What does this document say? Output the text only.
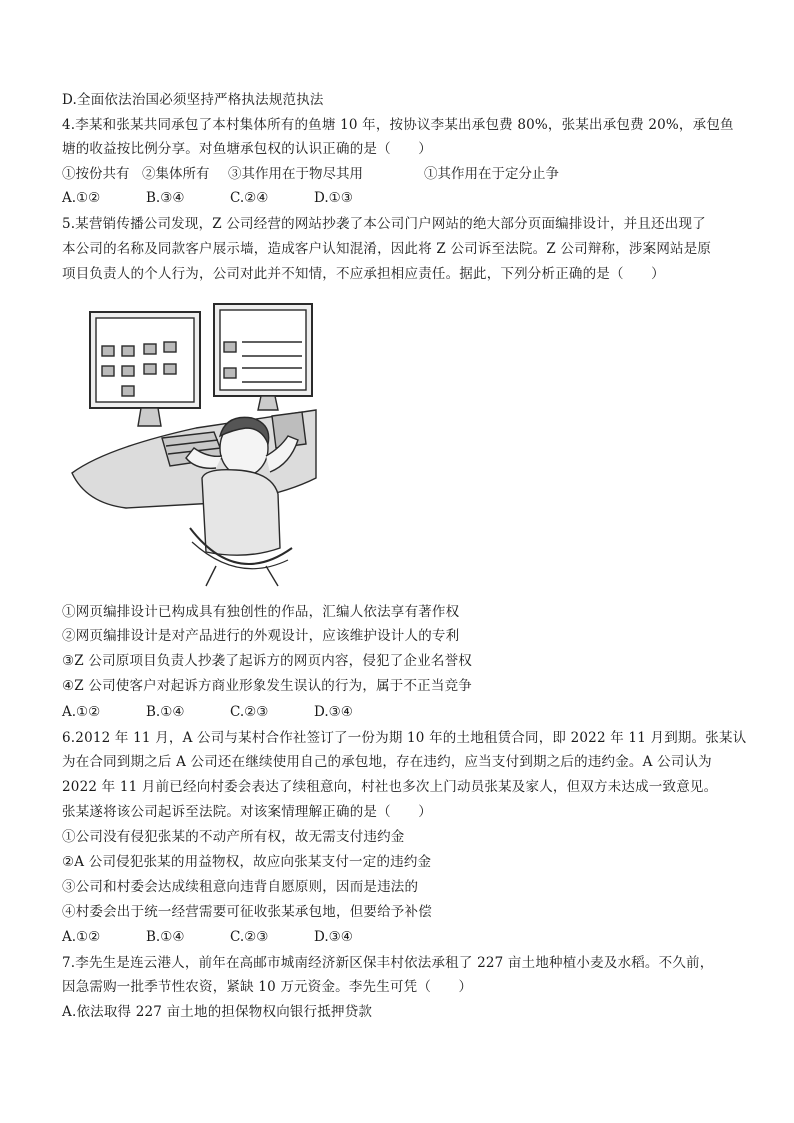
D.全面依法治国必须坚持严格执法规范执法
4.李某和张某共同承包了本村集体所有的鱼塘 10 年，按协议李某出承包费 80%，张某出承包费 20%，承包鱼
塘的收益按比例分享。对鱼塘承包权的认识正确的是（　　）
①按份共有 ②集体所有 ③其作用在于物尽其用	①其作用在于定分止争
A.①②	B.③④	C.②④	D.①③
5.某营销传播公司发现，Z 公司经营的网站抄袭了本公司门户网站的绝大部分页面编排设计，并且还出现了
本公司的名称及同款客户展示墙，造成客户认知混淆，因此将 Z 公司诉至法院。Z 公司辩称，涉案网站是原
项目负责人的个人行为，公司对此并不知情，不应承担相应责任。据此，下列分析正确的是（　　）
①网页编排设计已构成具有独创性的作品，汇编人依法享有著作权
②网页编排设计是对产品进行的外观设计，应该维护设计人的专利
③Z 公司原项目负责人抄袭了起诉方的网页内容，侵犯了企业名誉权
④Z 公司使客户对起诉方商业形象发生误认的行为，属于不正当竞争
A.①②	B.①④	C.②③	D.③④
6.2012 年 11 月，A 公司与某村合作社签订了一份为期 10 年的土地租赁合同，即 2022 年 11 月到期。张某认
为在合同到期之后 A 公司还在继续使用自己的承包地，存在违约，应当支付到期之后的违约金。A 公司认为
2022 年 11 月前已经向村委会表达了续租意向，村社也多次上门动员张某及家人，但双方未达成一致意见。
张某遂将该公司起诉至法院。对该案情理解正确的是（　　）
①公司没有侵犯张某的不动产所有权，故无需支付违约金
②A 公司侵犯张某的用益物权，故应向张某支付一定的违约金
③公司和村委会达成续租意向违背自愿原则，因而是违法的
④村委会出于统一经营需要可征收张某承包地，但要给予补偿
A.①②	B.①④	C.②③	D.③④
7.李先生是连云港人，前年在高邮市城南经济新区保丰村依法承租了 227 亩土地种植小麦及水稻。不久前，
因急需购一批季节性农资，紧缺 10 万元资金。李先生可凭（　　）
A.依法取得 227 亩土地的担保物权向银行抵押贷款
